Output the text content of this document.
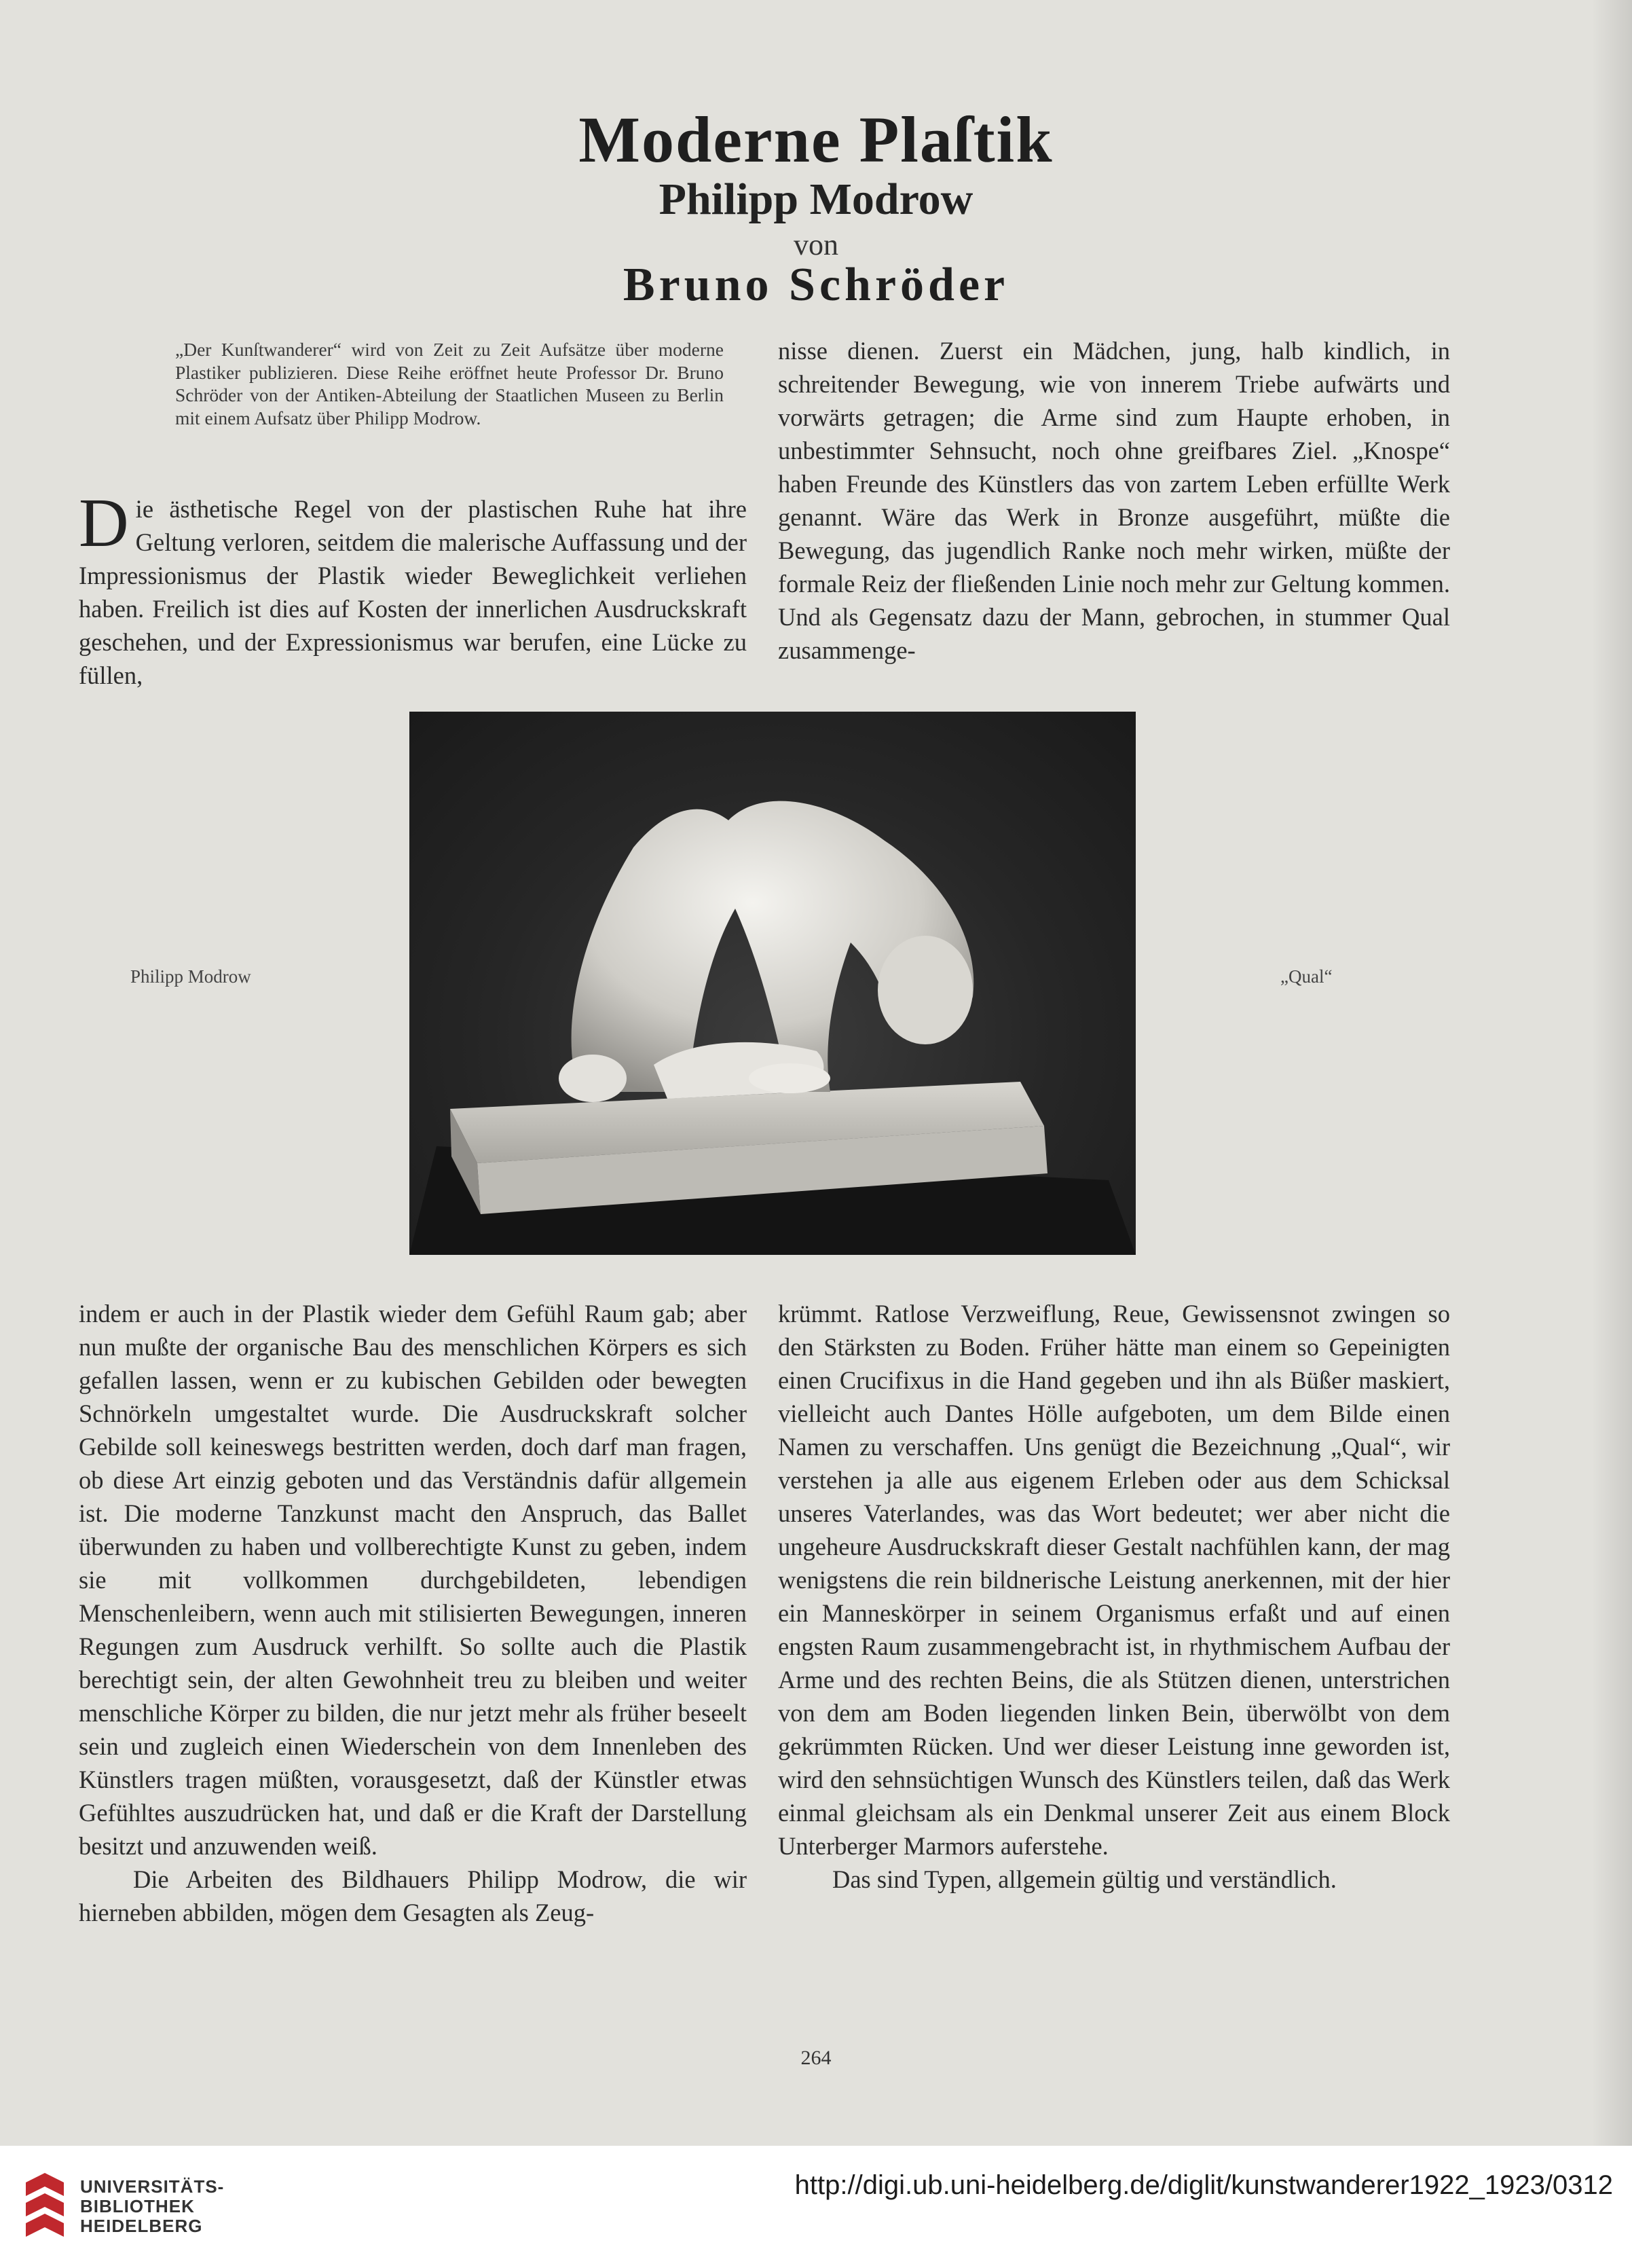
Moderne Plaſtik
Philipp Modrow
von
Bruno Schröder

„Der Kunſtwanderer“ wird von Zeit zu Zeit Aufsätze über moderne Plastiker publizieren. Diese Reihe eröffnet heute Professor Dr. Bruno Schröder von der Antiken-Abteilung der Staatlichen Museen zu Berlin mit einem Aufsatz über Philipp Modrow.

D ie ästhetische Regel von der plastischen Ruhe hat ihre Geltung verloren, seitdem die malerische Auffassung und der Impressionismus der Plastik wieder Beweglichkeit verliehen haben. Freilich ist dies auf Kosten der innerlichen Ausdruckskraft geschehen, und der Expressionismus war berufen, eine Lücke zu füllen,

nisse dienen. Zuerst ein Mädchen, jung, halb kindlich, in schreitender Bewegung, wie von innerem Triebe aufwärts und vorwärts getragen; die Arme sind zum Haupte erhoben, in unbestimmter Sehnsucht, noch ohne greifbares Ziel. „Knospe“ haben Freunde des Künstlers das von zartem Leben erfüllte Werk genannt. Wäre das Werk in Bronze ausgeführt, müßte die Bewegung, das jugendlich Ranke noch mehr wirken, müßte der formale Reiz der fließenden Linie noch mehr zur Geltung kommen. Und als Gegensatz dazu der Mann, gebrochen, in stummer Qual zusammenge-

Philipp Modrow	„Qual“

indem er auch in der Plastik wieder dem Gefühl Raum gab; aber nun mußte der organische Bau des menschlichen Körpers es sich gefallen lassen, wenn er zu kubischen Gebilden oder bewegten Schnörkeln umgestaltet wurde. Die Ausdruckskraft solcher Gebilde soll keineswegs bestritten werden, doch darf man fragen, ob diese Art einzig geboten und das Verständnis dafür allgemein ist. Die moderne Tanzkunst macht den Anspruch, das Ballet überwunden zu haben und vollberechtigte Kunst zu geben, indem sie mit vollkommen durchgebildeten, lebendigen Menschenleibern, wenn auch mit stilisierten Bewegungen, inneren Regungen zum Ausdruck verhilft. So sollte auch die Plastik berechtigt sein, der alten Gewohnheit treu zu bleiben und weiter menschliche Körper zu bilden, die nur jetzt mehr als früher beseelt sein und zugleich einen Wiederschein von dem Innenleben des Künstlers tragen müßten, vorausgesetzt, daß der Künstler etwas Gefühltes auszudrücken hat, und daß er die Kraft der Darstellung besitzt und anzuwenden weiß.

Die Arbeiten des Bildhauers Philipp Modrow, die wir hierneben abbilden, mögen dem Gesagten als Zeug-

krümmt. Ratlose Verzweiflung, Reue, Gewissensnot zwingen so den Stärksten zu Boden. Früher hätte man einem so Gepeinigten einen Crucifixus in die Hand gegeben und ihn als Büßer maskiert, vielleicht auch Dantes Hölle aufgeboten, um dem Bilde einen Namen zu verschaffen. Uns genügt die Bezeichnung „Qual“, wir verstehen ja alle aus eigenem Erleben oder aus dem Schicksal unseres Vaterlandes, was das Wort bedeutet; wer aber nicht die ungeheure Ausdruckskraft dieser Gestalt nachfühlen kann, der mag wenigstens die rein bildnerische Leistung anerkennen, mit der hier ein Manneskörper in seinem Organismus erfaßt und auf einen engsten Raum zusammengebracht ist, in rhythmischem Aufbau der Arme und des rechten Beins, die als Stützen dienen, unterstrichen von dem am Boden liegenden linken Bein, überwölbt von dem gekrümmten Rücken. Und wer dieser Leistung inne geworden ist, wird den sehnsüchtigen Wunsch des Künstlers teilen, daß das Werk einmal gleichsam als ein Denkmal unserer Zeit aus einem Block Unterberger Marmors auferstehe.

Das sind Typen, allgemein gültig und verständlich.

264
UNIVERSITÄTS-
BIBLIOTHEK
HEIDELBERG
http://digi.ub.uni-heidelberg.de/diglit/kunstwanderer1922_1923/0312
